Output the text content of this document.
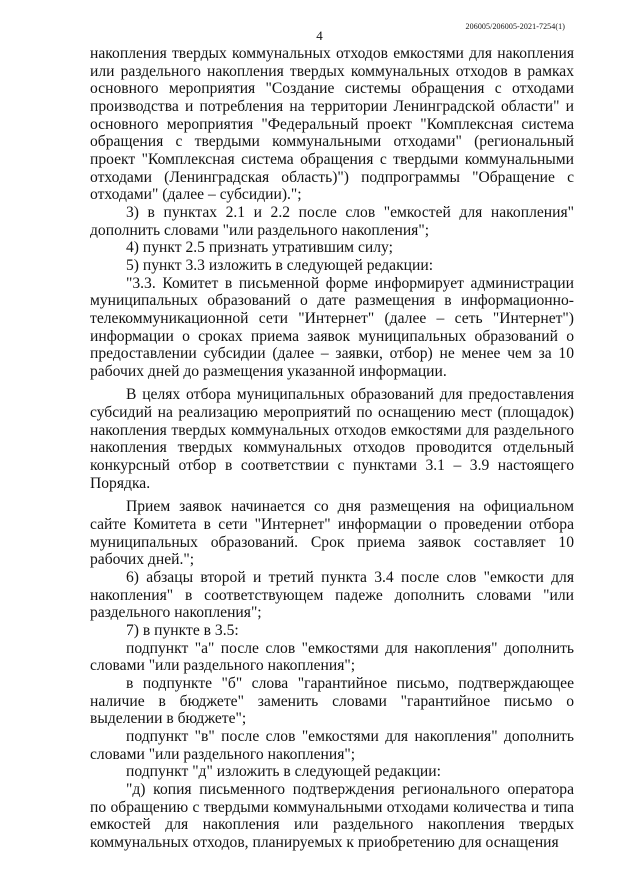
4
206005/206005-2021-7254(1)

накопления твердых коммунальных отходов емкостями для накопления или раздельного накопления твердых коммунальных отходов в рамках основного мероприятия "Создание системы обращения с отходами производства и потребления на территории Ленинградской области" и основного мероприятия "Федеральный проект "Комплексная система обращения с твердыми коммунальными отходами" (региональный проект "Комплексная система обращения с твердыми коммунальными отходами (Ленинградская область)") подпрограммы "Обращение с отходами" (далее – субсидии).";

3) в пунктах 2.1 и 2.2 после слов "емкостей для накопления" дополнить словами "или раздельного накопления";

4) пункт 2.5 признать утратившим силу;

5) пункт 3.3 изложить в следующей редакции:

"3.3. Комитет в письменной форме информирует администрации муниципальных образований о дате размещения в информационно-телекоммуникационной сети "Интернет" (далее – сеть "Интернет") информации о сроках приема заявок муниципальных образований о предоставлении субсидии (далее – заявки, отбор) не менее чем за 10 рабочих дней до размещения указанной информации.

В целях отбора муниципальных образований для предоставления субсидий на реализацию мероприятий по оснащению мест (площадок) накопления твердых коммунальных отходов емкостями для раздельного накопления твердых коммунальных отходов проводится отдельный конкурсный отбор в соответствии с пунктами 3.1 – 3.9 настоящего Порядка.

Прием заявок начинается со дня размещения на официальном сайте Комитета в сети "Интернет" информации о проведении отбора муниципальных образований. Срок приема заявок составляет 10 рабочих дней.";

6) абзацы второй и третий пункта 3.4 после слов "емкости для накопления" в соответствующем падеже дополнить словами "или раздельного накопления";

7) в пункте в 3.5:

подпункт "а" после слов "емкостями для накопления" дополнить словами "или раздельного накопления";

в подпункте "б" слова "гарантийное письмо, подтверждающее наличие в бюджете" заменить словами "гарантийное письмо о выделении в бюджете";

подпункт "в" после слов "емкостями для накопления" дополнить словами "или раздельного накопления";

подпункт "д" изложить в следующей редакции:

"д) копия письменного подтверждения регионального оператора по обращению с твердыми коммунальными отходами количества и типа емкостей для накопления или раздельного накопления твердых коммунальных отходов, планируемых к приобретению для оснащения
